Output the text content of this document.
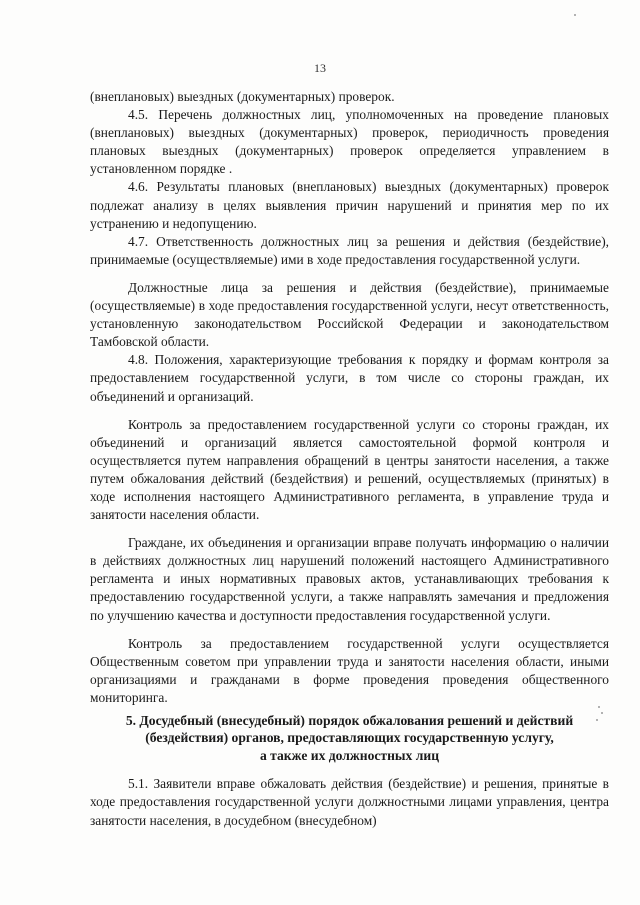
13

(внеплановых) выездных (документарных) проверок.

4.5. Перечень должностных лиц, уполномоченных на проведение плановых (внеплановых) выездных (документарных) проверок, периодичность проведения плановых выездных (документарных) проверок определяется управлением в установленном порядке .

4.6. Результаты плановых (внеплановых) выездных (документарных) проверок подлежат анализу в целях выявления причин нарушений и принятия мер по их устранению и недопущению.

4.7. Ответственность должностных лиц за решения и действия (бездействие), принимаемые (осуществляемые) ими в ходе предоставления государственной услуги.

Должностные лица за решения и действия (бездействие), принимаемые (осуществляемые) в ходе предоставления государственной услуги, несут ответственность, установленную законодательством Российской Федерации и законодательством Тамбовской области.

4.8. Положения, характеризующие требования к порядку и формам контроля за предоставлением государственной услуги, в том числе со стороны граждан, их объединений и организаций.

Контроль за предоставлением государственной услуги со стороны граждан, их объединений и организаций является самостоятельной формой контроля и осуществляется путем направления обращений в центры занятости населения, а также путем обжалования действий (бездействия) и решений, осуществляемых (принятых) в ходе исполнения настоящего Административного регламента, в управление труда и занятости населения области.

Граждане, их объединения и организации вправе получать информацию о наличии в действиях должностных лиц нарушений положений настоящего Административного регламента и иных нормативных правовых актов, устанавливающих требования к предоставлению государственной услуги, а также направлять замечания и предложения по улучшению качества и доступности предоставления государственной услуги.

Контроль за предоставлением государственной услуги осуществляется Общественным советом при управлении труда и занятости населения области, иными организациями и гражданами в форме проведения проведения общественного мониторинга.

5. Досудебный (внесудебный) порядок обжалования решений и действий
(бездействия) органов, предоставляющих государственную услугу,
а также их должностных лиц

5.1. Заявители вправе обжаловать действия (бездействие) и решения, принятые в ходе предоставления государственной услуги должностными лицами управления, центра занятости населения, в досудебном (внесудебном)
